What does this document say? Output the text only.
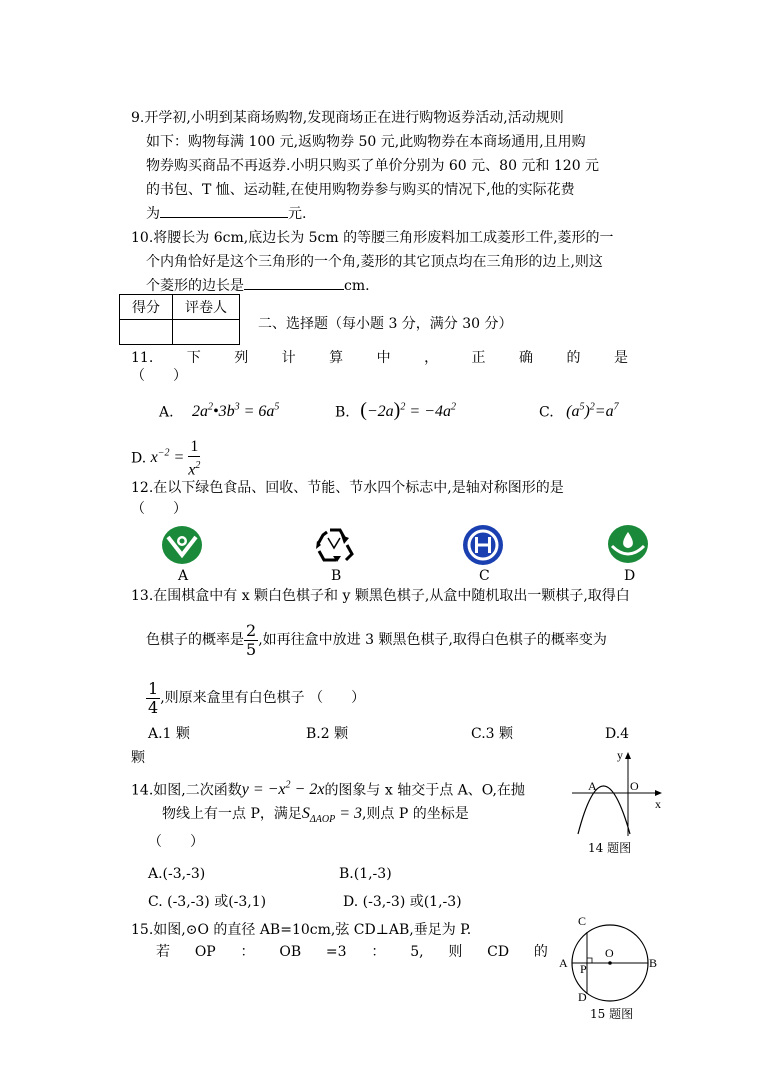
9.开学初,小明到某商场购物,发现商场正在进行购物返券活动,活动规则
如下：购物每满 100 元,返购物券 50 元,此购物券在本商场通用,且用购
物券购买商品不再返券.小明只购买了单价分别为 60 元、80 元和 120 元
的书包、T 恤、运动鞋,在使用购物券参与购买的情况下,他的实际花费
为	元.
10.将腰长为 6cm,底边长为 5cm 的等腰三角形废料加工成菱形工件,菱形的一
个内角恰好是这个三角形的一个角,菱形的其它顶点均在三角形的边上,则这
个菱形的边长是	cm.
得分	评卷人

二、选择题（每小题 3 分，满分 30 分）
11. 下 列 计 算 中 ， 正 确 的 是
（　　）
A. $2a^2•3b^3 = 6a^5$	B. $(-2a)^2 = -4a^2$	C. $(a^5)^2=a^7$
D. $x^{-2} = \frac{1}{x^2}$
12.在以下绿色食品、回收、节能、节水四个标志中,是轴对称图形的是
（　　）
A	B	C	D
13.在围棋盒中有 x 颗白色棋子和 y 颗黑色棋子,从盒中随机取出一颗棋子,取得白
色棋子的概率是 $\frac{2}{5}$ ,如再往盒中放进 3 颗黑色棋子,取得白色棋子的概率变为
$\frac{1}{4}$ ,则原来盒里有白色棋子 （　　）
A.1 颗	B.2 颗	C.3 颗	D.4
颗
14.如图,二次函数$y = -x^2 - 2x$的图象与 x 轴交于点 A、O,在抛
物线上有一点 P，满足$S_{\Delta AOP} = 3$,则点 P 的坐标是
（　　）
A.(-3,-3)	B.(1,-3)
C. (-3,-3) 或(-3,1)	D. (-3,-3) 或(1,-3)
y
x
A	O
14 题图
15.如图,⊙O 的直径 AB=10cm,弦 CD⊥AB,垂足为 P.
若 OP ： OB =3 ： 5, 则 CD 的
C
O
A	B
P
D
15 题图
